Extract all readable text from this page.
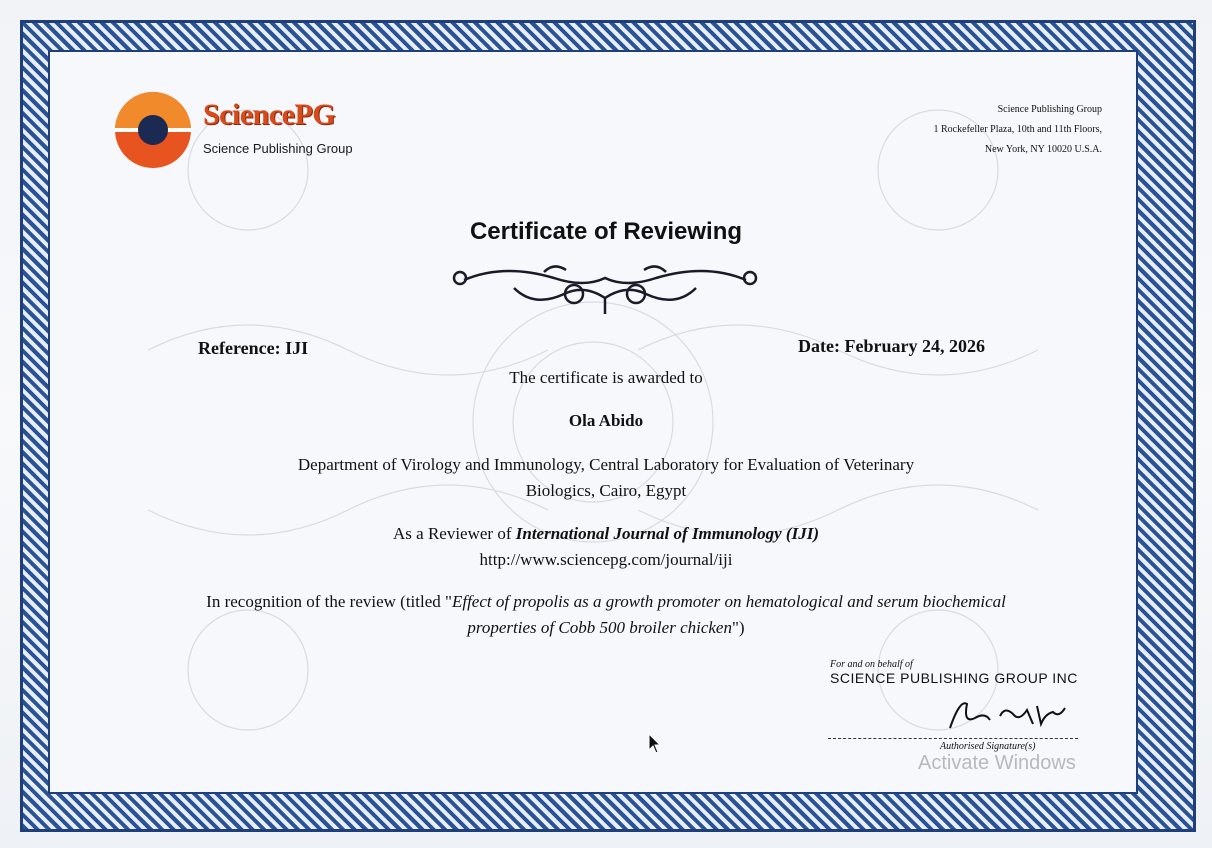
SciencePG
Science Publishing Group
Science Publishing Group
1 Rockefeller Plaza, 10th and 11th Floors,
New York, NY 10020 U.S.A.
Certificate of Reviewing
Reference: IJI	Date: February 24, 2026
The certificate is awarded to
Ola Abido
Department of Virology and Immunology, Central Laboratory for Evaluation of Veterinary
Biologics, Cairo, Egypt
As a Reviewer of International Journal of Immunology (IJI)
http://www.sciencepg.com/journal/iji
In recognition of the review (titled "Effect of propolis as a growth promoter on hematological and serum biochemical
properties of Cobb 500 broiler chicken")
For and on behalf of
SCIENCE PUBLISHING GROUP INC
Authorised Signature(s)
Activate Windows
